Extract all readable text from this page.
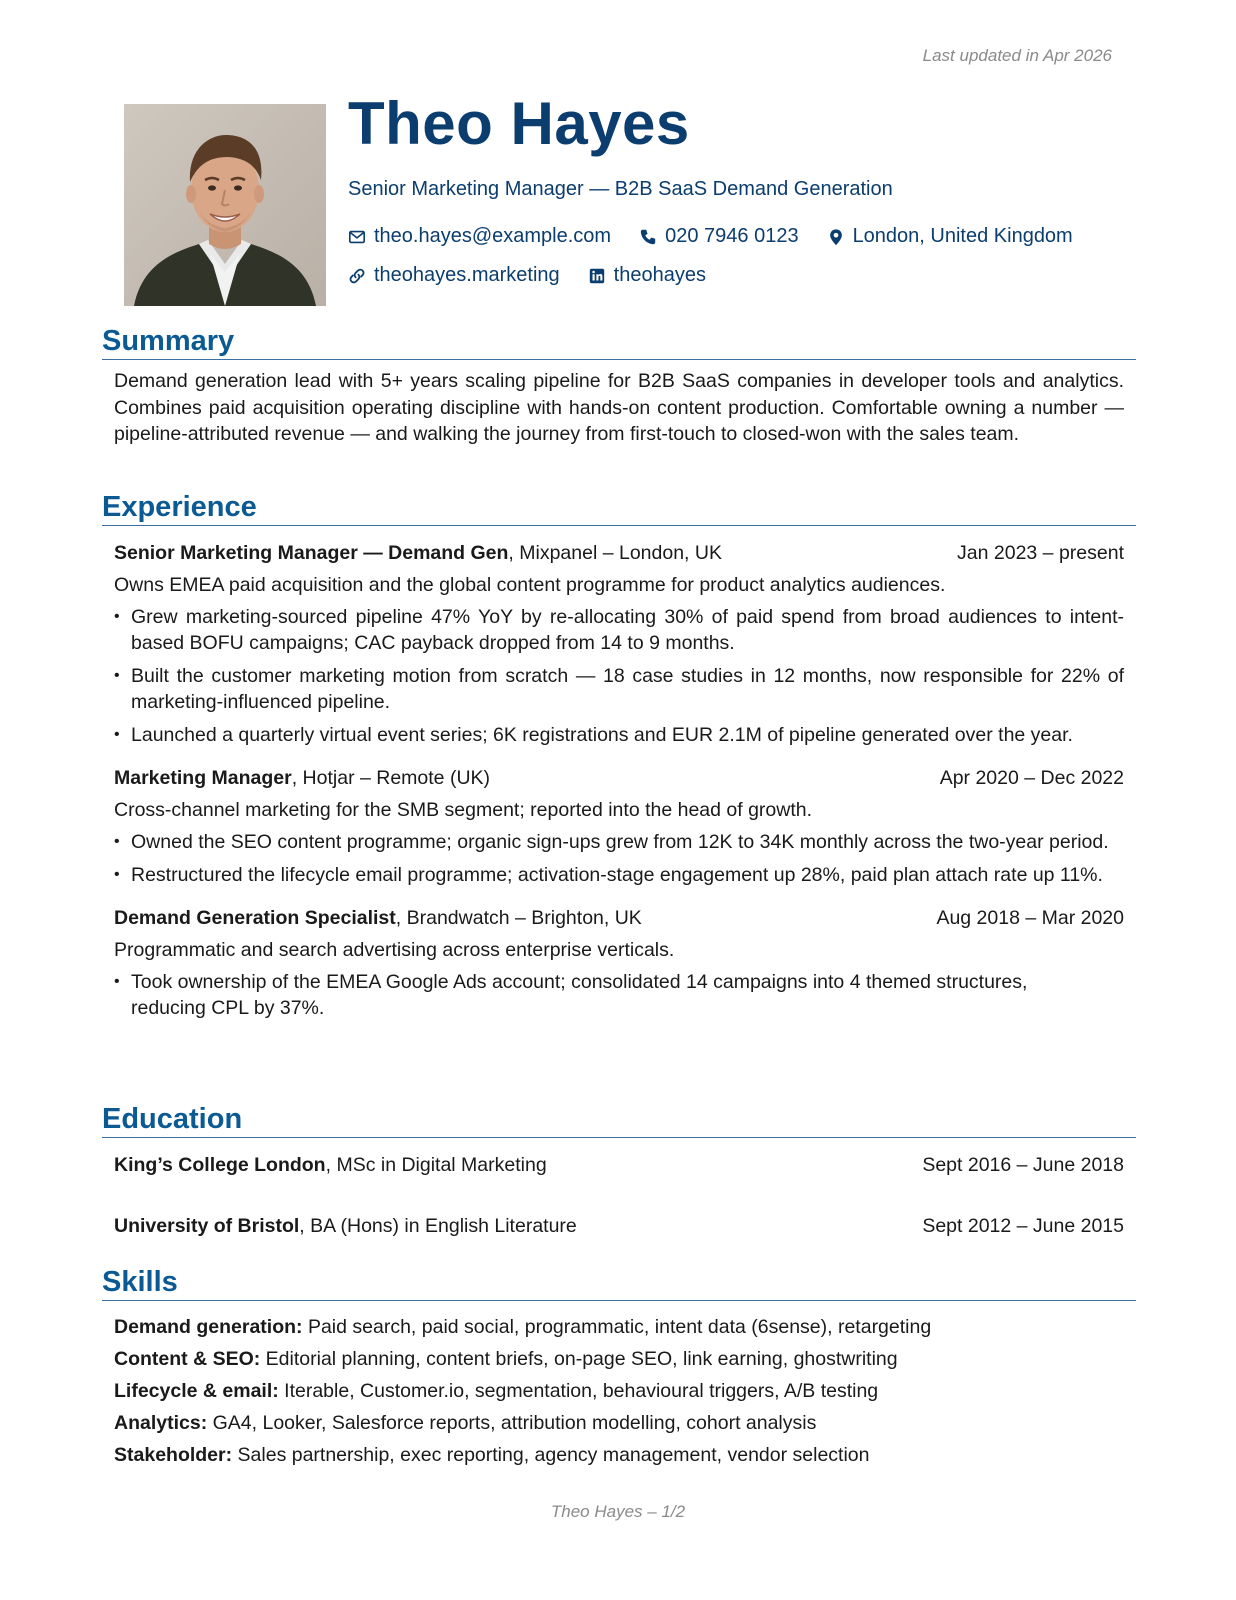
Last updated in Apr 2026
Theo Hayes
Senior Marketing Manager — B2B SaaS Demand Generation
theo.hayes@example.com	020 7946 0123	London, United Kingdom
theohayes.marketing	theohayes
Summary
Demand generation lead with 5+ years scaling pipeline for B2B SaaS companies in developer tools and analytics. Combines paid acquisition operating discipline with hands-on content production. Comfortable owning a number — pipeline-attributed revenue — and walking the journey from first-touch to closed-won with the sales team.
Experience
Senior Marketing Manager — Demand Gen, Mixpanel – London, UK	Jan 2023 – present
Owns EMEA paid acquisition and the global content programme for product analytics audiences.
• Grew marketing-sourced pipeline 47% YoY by re-allocating 30% of paid spend from broad audiences to intent-based BOFU campaigns; CAC payback dropped from 14 to 9 months.
• Built the customer marketing motion from scratch — 18 case studies in 12 months, now responsible for 22% of marketing-influenced pipeline.
• Launched a quarterly virtual event series; 6K registrations and EUR 2.1M of pipeline generated over the year.
Marketing Manager, Hotjar – Remote (UK)	Apr 2020 – Dec 2022
Cross-channel marketing for the SMB segment; reported into the head of growth.
• Owned the SEO content programme; organic sign-ups grew from 12K to 34K monthly across the two-year period.
• Restructured the lifecycle email programme; activation-stage engagement up 28%, paid plan attach rate up 11%.
Demand Generation Specialist, Brandwatch – Brighton, UK	Aug 2018 – Mar 2020
Programmatic and search advertising across enterprise verticals.
• Took ownership of the EMEA Google Ads account; consolidated 14 campaigns into 4 themed structures, reducing CPL by 37%.
Education
King’s College London, MSc in Digital Marketing	Sept 2016 – June 2018
University of Bristol, BA (Hons) in English Literature	Sept 2012 – June 2015
Skills
Demand generation: Paid search, paid social, programmatic, intent data (6sense), retargeting
Content & SEO: Editorial planning, content briefs, on-page SEO, link earning, ghostwriting
Lifecycle & email: Iterable, Customer.io, segmentation, behavioural triggers, A/B testing
Analytics: GA4, Looker, Salesforce reports, attribution modelling, cohort analysis
Stakeholder: Sales partnership, exec reporting, agency management, vendor selection
Theo Hayes – 1/2
